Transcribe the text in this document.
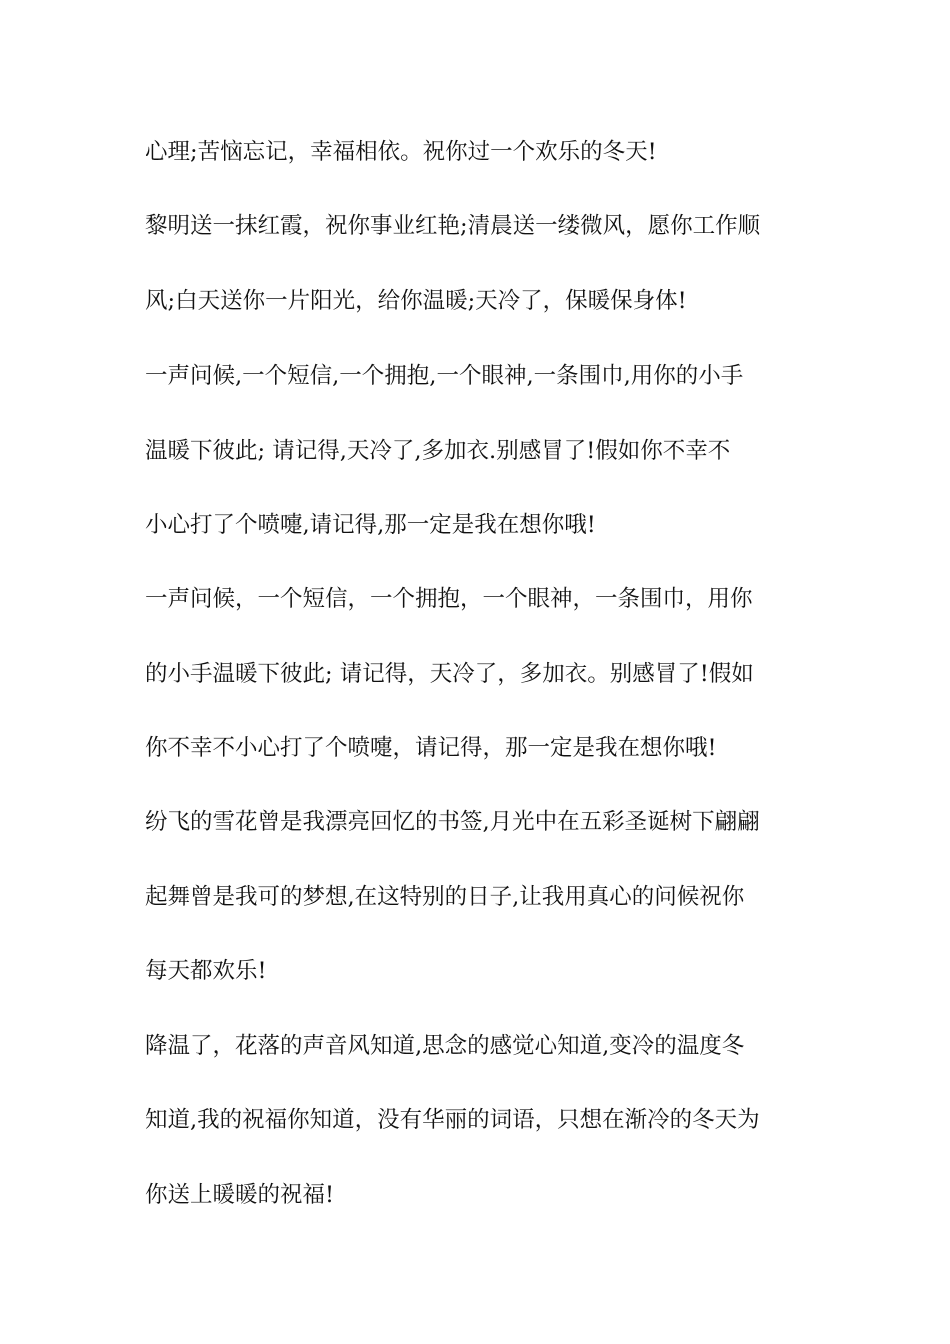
心理;苦恼忘记，幸福相依。祝你过一个欢乐的冬天!
黎明送一抹红霞，祝你事业红艳;清晨送一缕微风，愿你工作顺
风;白天送你一片阳光，给你温暖;天冷了，保暖保身体!
一声问候,一个短信,一个拥抱,一个眼神,一条围巾,用你的小手
温暖下彼此; 请记得,天冷了,多加衣.别感冒了!假如你不幸不
小心打了个喷嚏,请记得,那一定是我在想你哦!
一声问候，一个短信，一个拥抱，一个眼神，一条围巾，用你
的小手温暖下彼此; 请记得，天冷了，多加衣。别感冒了!假如
你不幸不小心打了个喷嚏，请记得，那一定是我在想你哦!
纷飞的雪花曾是我漂亮回忆的书签,月光中在五彩圣诞树下翩翩
起舞曾是我可的梦想,在这特别的日子,让我用真心的问候祝你
每天都欢乐!
降温了，花落的声音风知道,思念的感觉心知道,变冷的温度冬
知道,我的祝福你知道，没有华丽的词语，只想在渐冷的冬天为
你送上暖暖的祝福!
